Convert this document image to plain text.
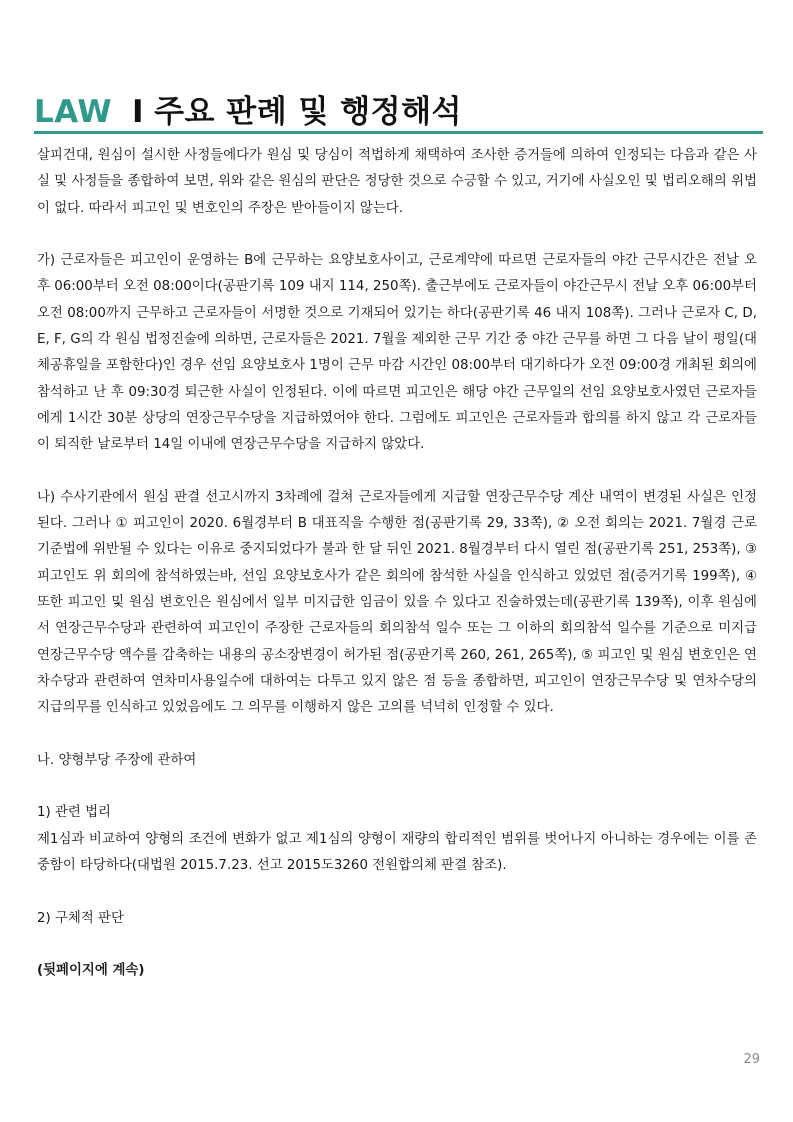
LAW I 주요 판례 및 행정해석

살피건대, 원심이 설시한 사정들에다가 원심 및 당심이 적법하게 채택하여 조사한 증거들에 의하여 인정되는 다음과 같은 사실 및 사정들을 종합하여 보면, 위와 같은 원심의 판단은 정당한 것으로 수긍할 수 있고, 거기에 사실오인 및 법리오해의 위법이 없다. 따라서 피고인 및 변호인의 주장은 받아들이지 않는다.

가) 근로자들은 피고인이 운영하는 B에 근무하는 요양보호사이고, 근로계약에 따르면 근로자들의 야간 근무시간은 전날 오후 06:00부터 오전 08:00이다(공판기록 109 내지 114, 250쪽). 출근부에도 근로자들이 야간근무시 전날 오후 06:00부터 오전 08:00까지 근무하고 근로자들이 서명한 것으로 기재되어 있기는 하다(공판기록 46 내지 108쪽). 그러나 근로자 C, D, E, F, G의 각 원심 법정진술에 의하면, 근로자들은 2021. 7월을 제외한 근무 기간 중 야간 근무를 하면 그 다음 날이 평일(대체공휴일을 포함한다)인 경우 선임 요양보호사 1명이 근무 마감 시간인 08:00부터 대기하다가 오전 09:00경 개최된 회의에 참석하고 난 후 09:30경 퇴근한 사실이 인정된다. 이에 따르면 피고인은 해당 야간 근무일의 선임 요양보호사였던 근로자들에게 1시간 30분 상당의 연장근무수당을 지급하였어야 한다. 그럼에도 피고인은 근로자들과 합의를 하지 않고 각 근로자들이 퇴직한 날로부터 14일 이내에 연장근무수당을 지급하지 않았다.

나) 수사기관에서 원심 판결 선고시까지 3차례에 걸쳐 근로자들에게 지급할 연장근무수당 계산 내역이 변경된 사실은 인정된다. 그러나 ① 피고인이 2020. 6월경부터 B 대표직을 수행한 점(공판기록 29, 33쪽), ② 오전 회의는 2021. 7월경 근로기준법에 위반될 수 있다는 이유로 중지되었다가 불과 한 달 뒤인 2021. 8월경부터 다시 열린 점(공판기록 251, 253쪽), ③ 피고인도 위 회의에 참석하였는바, 선임 요양보호사가 같은 회의에 참석한 사실을 인식하고 있었던 점(증거기록 199쪽), ④ 또한 피고인 및 원심 변호인은 원심에서 일부 미지급한 임금이 있을 수 있다고 진술하였는데(공판기록 139쪽), 이후 원심에서 연장근무수당과 관련하여 피고인이 주장한 근로자들의 회의참석 일수 또는 그 이하의 회의참석 일수를 기준으로 미지급 연장근무수당 액수를 감축하는 내용의 공소장변경이 허가된 점(공판기록 260, 261, 265쪽), ⑤ 피고인 및 원심 변호인은 연차수당과 관련하여 연차미사용일수에 대하여는 다투고 있지 않은 점 등을 종합하면, 피고인이 연장근무수당 및 연차수당의 지급의무를 인식하고 있었음에도 그 의무를 이행하지 않은 고의를 넉넉히 인정할 수 있다.

나. 양형부당 주장에 관하여

1) 관련 법리

제1심과 비교하여 양형의 조건에 변화가 없고 제1심의 양형이 재량의 합리적인 범위를 벗어나지 아니하는 경우에는 이를 존중함이 타당하다(대법원 2015.7.23. 선고 2015도3260 전원합의체 판결 참조).

2) 구체적 판단

(뒷페이지에 계속)

29
